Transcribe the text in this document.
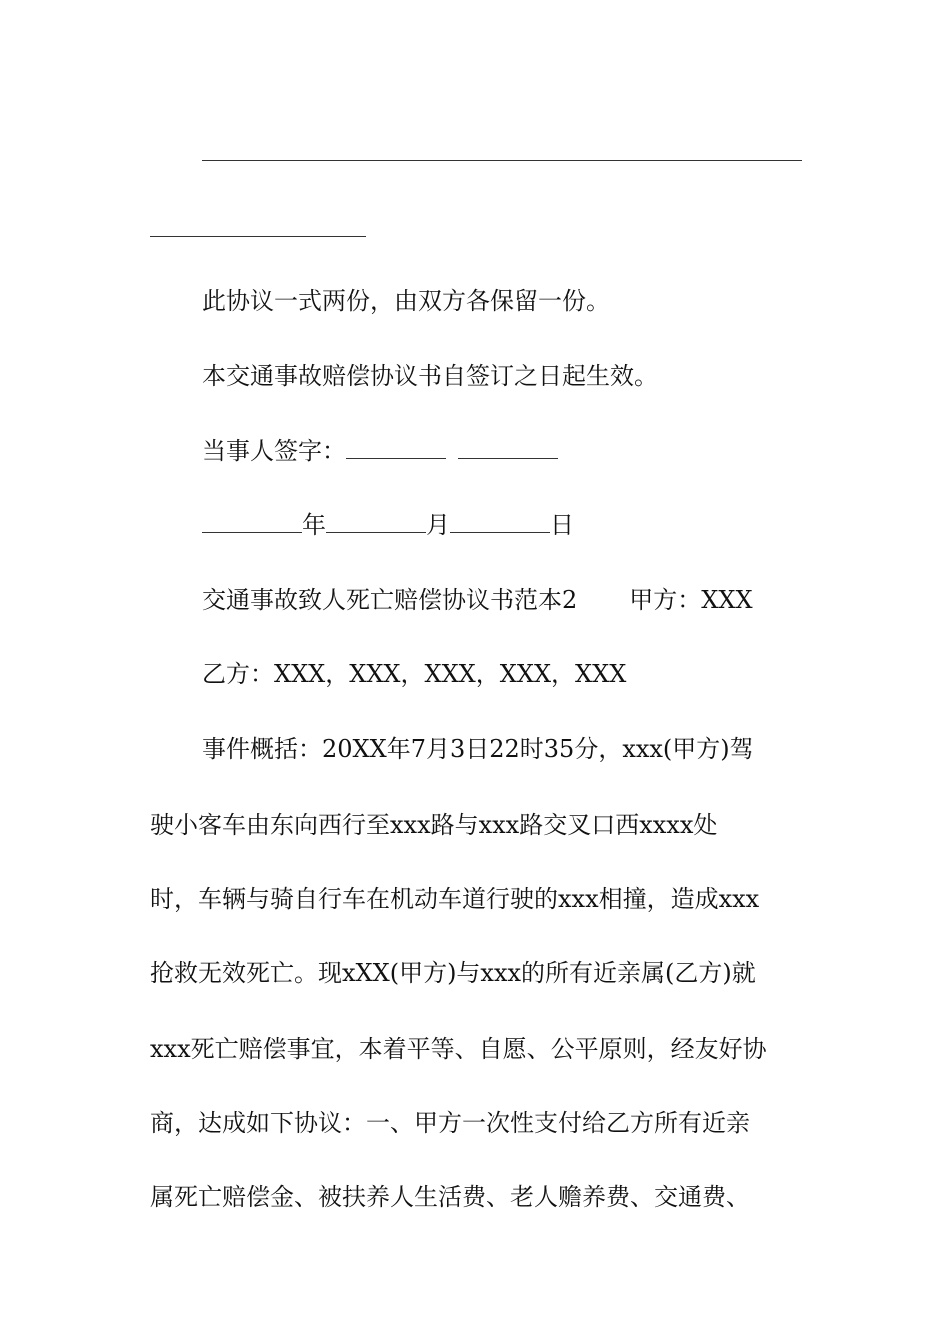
此协议一式两份，由双方各保留一份。
本交通事故赔偿协议书自签订之日起生效。
当事人签字：
年	月	日
交通事故致人死亡赔偿协议书范本2 甲方：XXX
乙方：XXX，XXX，XXX，XXX，XXX
事件概括：20XX年7月3日22时35分，xxx(甲方)驾
驶小客车由东向西行至xxx路与xxx路交叉口西xxxx处
时，车辆与骑自行车在机动车道行驶的xxx相撞，造成xxx
抢救无效死亡。现xXX(甲方)与xxx的所有近亲属(乙方)就
xxx死亡赔偿事宜，本着平等、自愿、公平原则，经友好协
商，达成如下协议：一、甲方一次性支付给乙方所有近亲
属死亡赔偿金、被扶养人生活费、老人赡养费、交通费、
